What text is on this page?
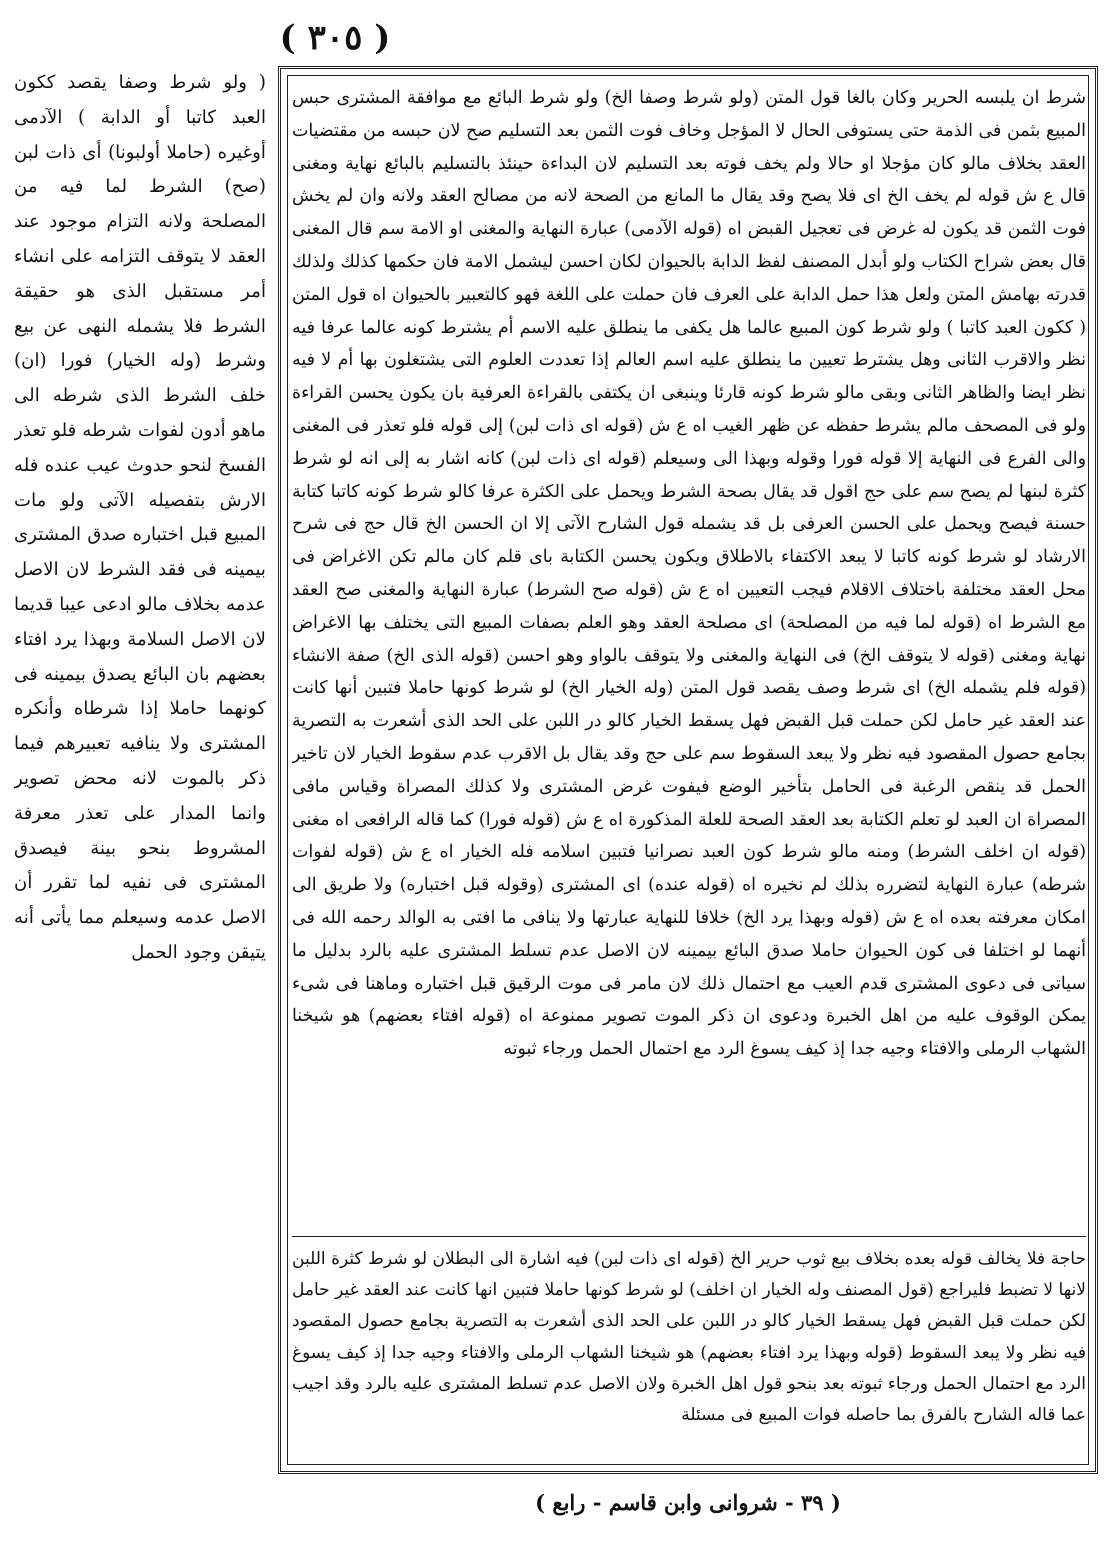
( ٣٠٥ )

( ولو شرط وصفا يقصد ككون العبد كاتبا أو الدابة ) الآدمى أوغيره (حاملا أولبونا) أى ذات لبن (صح) الشرط لما فيه من المصلحة ولانه التزام موجود عند العقد لا يتوقف التزامه على انشاء أمر مستقبل الذى هو حقيقة الشرط فلا يشمله النهى عن بيع وشرط (وله الخيار) فورا (ان) خلف الشرط الذى شرطه الى ماهو أدون لفوات شرطه فلو تعذر الفسخ لنحو حدوث عيب عنده فله الارش بتفصيله الآتى ولو مات المبيع قبل اختباره صدق المشترى بيمينه فى فقد الشرط لان الاصل عدمه بخلاف مالو ادعى عيبا قديما لان الاصل السلامة وبهذا يرد افتاء بعضهم بان البائع يصدق بيمينه فى كونهما حاملا إذا شرطاه وأنكره المشترى ولا ينافيه تعبيرهم فيما ذكر بالموت لانه محض تصوير وانما المدار على تعذر معرفة المشروط بنحو بينة فيصدق المشترى فى نفيه لما تقرر أن الاصل عدمه وسيعلم مما يأتى أنه يتيقن وجود الحمل

شرط ان يلبسه الحرير وكان بالغا قول المتن (ولو شرط وصفا الخ) ولو شرط البائع مع موافقة المشترى حبس المبيع بثمن فى الذمة حتى يستوفى الحال لا المؤجل وخاف فوت الثمن بعد التسليم صح لان حبسه من مقتضيات العقد بخلاف مالو كان مؤجلا او حالا ولم يخف فوته بعد التسليم لان البداءة حينئذ بالتسليم بالبائع نهاية ومغنى قال ع ش قوله لم يخف الخ اى فلا يصح وقد يقال ما المانع من الصحة لانه من مصالح العقد ولانه وان لم يخش فوت الثمن قد يكون له غرض فى تعجيل القبض اه (قوله الآدمى) عبارة النهاية والمغنى او الامة سم قال المغنى قال بعض شراح الكتاب ولو أبدل المصنف لفظ الدابة بالحيوان لكان احسن ليشمل الامة فان حكمها كذلك ولذلك قدرته بهامش المتن ولعل هذا حمل الدابة على العرف فان حملت على اللغة فهو كالتعبير بالحيوان اه قول المتن ( ككون العبد كاتبا ) ولو شرط كون المبيع عالما هل يكفى ما ينطلق عليه الاسم أم يشترط كونه عالما عرفا فيه نظر والاقرب الثانى وهل يشترط تعيين ما ينطلق عليه اسم العالم إذا تعددت العلوم التى يشتغلون بها أم لا فيه نظر ايضا والظاهر الثانى وبقى مالو شرط كونه قارئا وينبغى ان يكتفى بالقراءة العرفية بان يكون يحسن القراءة ولو فى المصحف مالم يشرط حفظه عن ظهر الغيب اه ع ش (قوله اى ذات لبن) إلى قوله فلو تعذر فى المغنى والى الفرع فى النهاية إلا قوله فورا وقوله وبهذا الى وسيعلم (قوله اى ذات لبن) كانه اشار به إلى انه لو شرط كثرة لبنها لم يصح سم على حج اقول قد يقال بصحة الشرط ويحمل على الكثرة عرفا كالو شرط كونه كاتبا كتابة حسنة فيصح ويحمل على الحسن العرفى بل قد يشمله قول الشارح الآتى إلا ان الحسن الخ قال حج فى شرح الارشاد لو شرط كونه كاتبا لا يبعد الاكتفاء بالاطلاق ويكون يحسن الكتابة باى قلم كان مالم تكن الاغراض فى محل العقد مختلفة باختلاف الاقلام فيجب التعيين اه ع ش (قوله صح الشرط) عبارة النهاية والمغنى صح العقد مع الشرط اه (قوله لما فيه من المصلحة) اى مصلحة العقد وهو العلم بصفات المبيع التى يختلف بها الاغراض نهاية ومغنى (قوله لا يتوقف الخ) فى النهاية والمغنى ولا يتوقف بالواو وهو احسن (قوله الذى الخ) صفة الانشاء (قوله فلم يشمله الخ) اى شرط وصف يقصد قول المتن (وله الخيار الخ) لو شرط كونها حاملا فتبين أنها كانت عند العقد غير حامل لكن حملت قبل القبض فهل يسقط الخيار كالو در اللبن على الحد الذى أشعرت به التصرية بجامع حصول المقصود فيه نظر ولا يبعد السقوط سم على حج وقد يقال بل الاقرب عدم سقوط الخيار لان تاخير الحمل قد ينقص الرغبة فى الحامل بتأخير الوضع فيفوت غرض المشترى ولا كذلك المصراة وقياس مافى المصراة ان العبد لو تعلم الكتابة بعد العقد الصحة للعلة المذكورة اه ع ش (قوله فورا) كما قاله الرافعى اه مغنى (قوله ان اخلف الشرط) ومنه مالو شرط كون العبد نصرانيا فتبين اسلامه فله الخيار اه ع ش (قوله لفوات شرطه) عبارة النهاية لتضرره بذلك لم نخيره اه (قوله عنده) اى المشترى (وقوله قبل اختباره) ولا طريق الى امكان معرفته بعده اه ع ش (قوله وبهذا يرد الخ) خلافا للنهاية عبارتها ولا ينافى ما افتى به الوالد رحمه الله فى أنهما لو اختلفا فى كون الحيوان حاملا صدق البائع بيمينه لان الاصل عدم تسلط المشترى عليه بالرد بدليل ما سياتى فى دعوى المشترى قدم العيب مع احتمال ذلك لان مامر فى موت الرقيق قبل اختباره وماهنا فى شىء يمكن الوقوف عليه من اهل الخبرة ودعوى ان ذكر الموت تصوير ممنوعة اه (قوله افتاء بعضهم) هو شيخنا الشهاب الرملى والافتاء وجيه جدا إذ كيف يسوغ الرد مع احتمال الحمل ورجاء ثبوته

حاجة فلا يخالف قوله بعده بخلاف بيع ثوب حرير الخ (قوله اى ذات لبن) فيه اشارة الى البطلان لو شرط كثرة اللبن لانها لا تضبط فليراجع (قول المصنف وله الخيار ان اخلف) لو شرط كونها حاملا فتبين انها كانت عند العقد غير حامل لكن حملت قبل القبض فهل يسقط الخيار كالو در اللبن على الحد الذى أشعرت به التصرية بجامع حصول المقصود فيه نظر ولا يبعد السقوط (قوله وبهذا يرد افتاء بعضهم) هو شيخنا الشهاب الرملى والافتاء وجيه جدا إذ كيف يسوغ الرد مع احتمال الحمل ورجاء ثبوته بعد بنحو قول اهل الخبرة ولان الاصل عدم تسلط المشترى عليه بالرد وقد اجيب عما قاله الشارح بالفرق بما حاصله فوات المبيع فى مسئلة

( ٣٩ - شروانى وابن قاسم - رابع )
